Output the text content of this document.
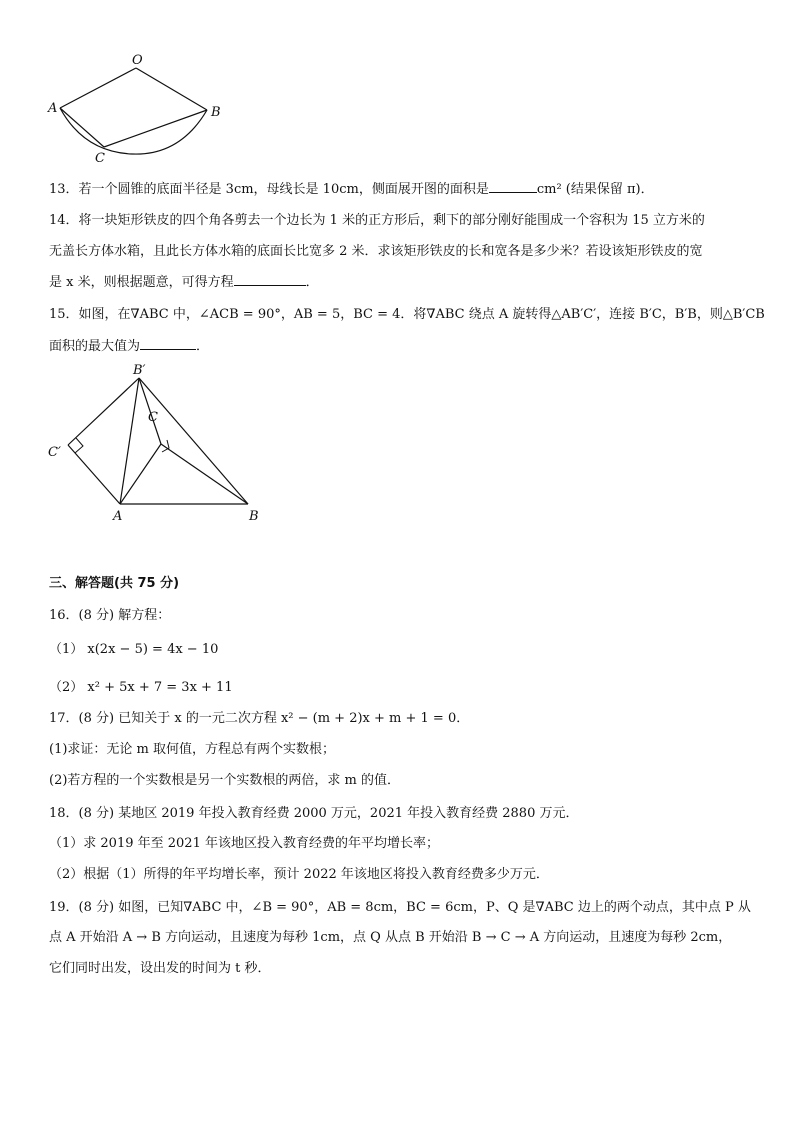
O
A	B
C
13．若一个圆锥的底面半径是 3cm，母线长是 10cm，侧面展开图的面积是	cm² (结果保留 π)．
14．将一块矩形铁皮的四个角各剪去一个边长为 1 米的正方形后，剩下的部分刚好能围成一个容积为 15 立方米的
无盖长方体水箱，且此长方体水箱的底面长比宽多 2 米．求该矩形铁皮的长和宽各是多少米？若设该矩形铁皮的宽
是 x 米，则根据题意，可得方程	．
15．如图，在∇ABC 中，∠ACB = 90°，AB = 5，BC = 4．将∇ABC 绕点 A 旋转得△AB′C′，连接 B′C，B′B，则△B′CB
面积的最大值为	．
B′
C′
C
A	B
三、解答题(共 75 分)
16．(8 分) 解方程：
（1） x(2x − 5) = 4x − 10
（2） x² + 5x + 7 = 3x + 11
17．(8 分) 已知关于 x 的一元二次方程 x² − (m + 2)x + m + 1 = 0．
(1)求证：无论 m 取何值，方程总有两个实数根；
(2)若方程的一个实数根是另一个实数根的两倍，求 m 的值．
18．(8 分) 某地区 2019 年投入教育经费 2000 万元，2021 年投入教育经费 2880 万元．
（1）求 2019 年至 2021 年该地区投入教育经费的年平均增长率；
（2）根据（1）所得的年平均增长率，预计 2022 年该地区将投入教育经费多少万元．
19．(8 分) 如图，已知∇ABC 中，∠B = 90°，AB = 8cm，BC = 6cm，P、Q 是∇ABC 边上的两个动点，其中点 P 从
点 A 开始沿 A → B 方向运动，且速度为每秒 1cm，点 Q 从点 B 开始沿 B → C → A 方向运动，且速度为每秒 2cm，
它们同时出发，设出发的时间为 t 秒．
